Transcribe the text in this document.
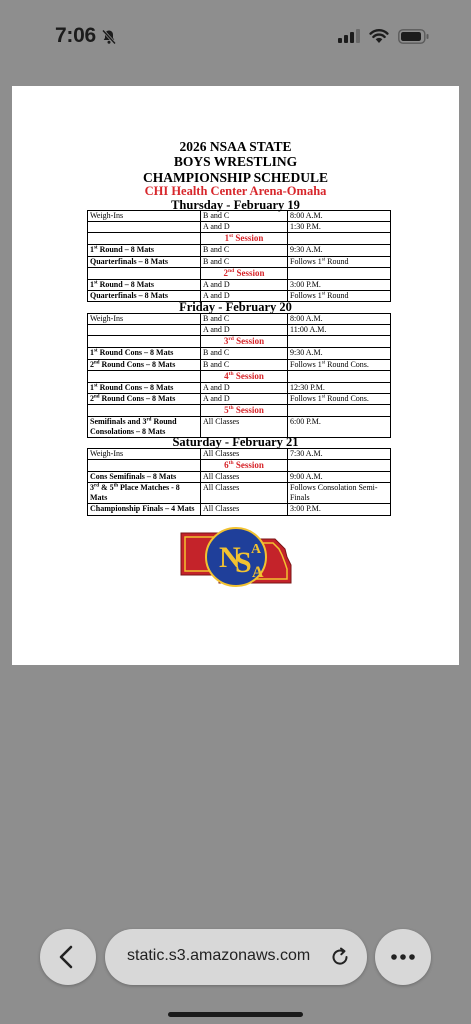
7:06
2026 NSAA STATE
BOYS WRESTLING
CHAMPIONSHIP SCHEDULE
CHI Health Center Arena-Omaha
Thursday - February 19
Weigh-Ins	B and C	8:00 A.M.
	A and D	1:30 P.M.
	1st Session	
1st Round – 8 Mats	B and C	9:30 A.M.
Quarterfinals – 8 Mats	B and C	Follows 1st Round
	2nd Session	
1st Round – 8 Mats	A and D	3:00 P.M.
Quarterfinals – 8 Mats	A and D	Follows 1st Round
Friday - February 20
Weigh-Ins	B and C	8:00 A.M.
	A and D	11:00 A.M.
	3rd Session	
1st Round Cons – 8 Mats	B and C	9:30 A.M.
2nd Round Cons – 8 Mats	B and C	Follows 1st Round Cons.
	4th Session	
1st Round Cons – 8 Mats	A and D	12:30 P.M.
2nd Round Cons – 8 Mats	A and D	Follows 1st Round Cons.
	5th Session	
Semifinals and 3rd Round Consolations – 8 Mats	All Classes	6:00 P.M.
Saturday - February 21
Weigh-Ins	All Classes	7:30 A.M.
	6th Session	
Cons Semifinals – 8 Mats	All Classes	9:00 A.M.
3rd & 5th Place Matches - 8 Mats	All Classes	Follows Consolation Semi-Finals
Championship Finals – 4 Mats	All Classes	3:00 P.M.
N
S A
A
static.s3.amazonaws.com
